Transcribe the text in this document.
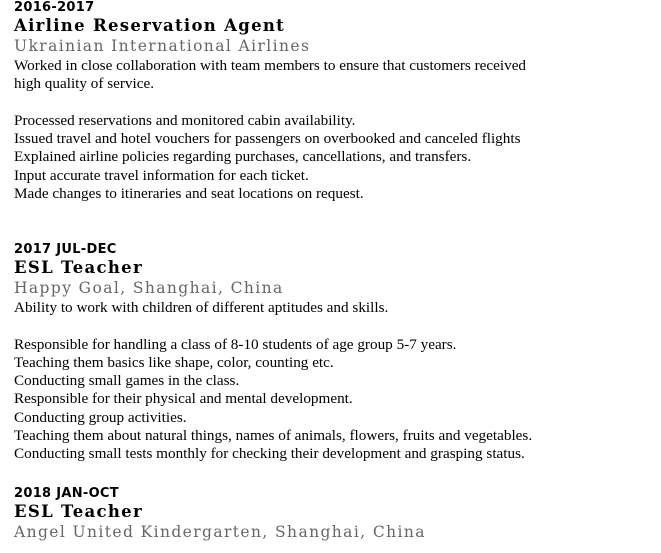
2016-2017
Airline Reservation Agent
Ukrainian International Airlines
Worked in close collaboration with team members to ensure that customers received
high quality of service.
Processed reservations and monitored cabin availability.
Issued travel and hotel vouchers for passengers on overbooked and canceled flights
Explained airline policies regarding purchases, cancellations, and transfers.
Input accurate travel information for each ticket.
Made changes to itineraries and seat locations on request.
2017 JUL-DEC
ESL Teacher
Happy Goal, Shanghai, China
Ability to work with children of different aptitudes and skills.
Responsible for handling a class of 8-10 students of age group 5-7 years.
Teaching them basics like shape, color, counting etc.
Conducting small games in the class.
Responsible for their physical and mental development.
Conducting group activities.
Teaching them about natural things, names of animals, flowers, fruits and vegetables.
Conducting small tests monthly for checking their development and grasping status.
2018 JAN-OCT
ESL Teacher
Angel United Kindergarten, Shanghai, China
